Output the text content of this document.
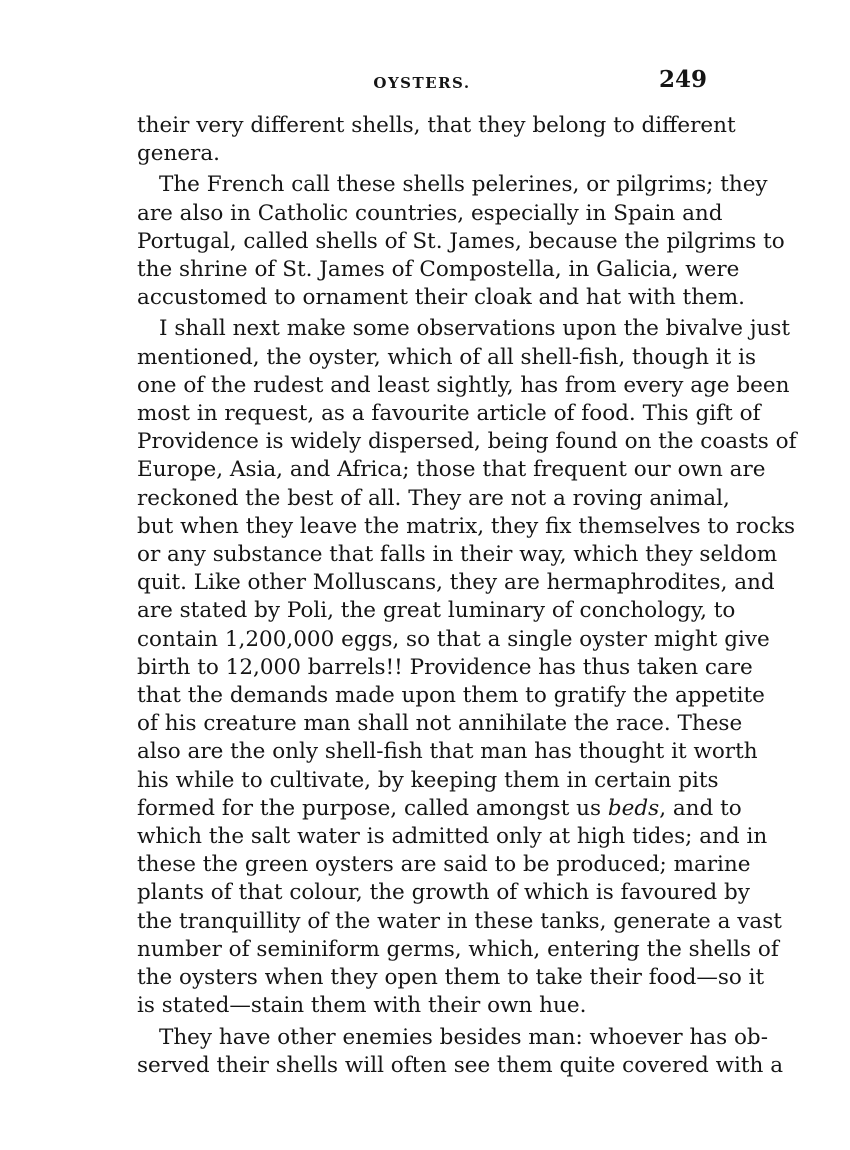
OYSTERS.	249

their very different shells, that they belong to different
genera.

The French call these shells pelerines, or pilgrims; they
are also in Catholic countries, especially in Spain and
Portugal, called shells of St. James, because the pilgrims to
the shrine of St. James of Compostella, in Galicia, were
accustomed to ornament their cloak and hat with them.

I shall next make some observations upon the bivalve just
mentioned, the oyster, which of all shell-fish, though it is
one of the rudest and least sightly, has from every age been
most in request, as a favourite article of food. This gift of
Providence is widely dispersed, being found on the coasts of
Europe, Asia, and Africa; those that frequent our own are
reckoned the best of all. They are not a roving animal,
but when they leave the matrix, they fix themselves to rocks
or any substance that falls in their way, which they seldom
quit. Like other Molluscans, they are hermaphrodites, and
are stated by Poli, the great luminary of conchology, to
contain 1,200,000 eggs, so that a single oyster might give
birth to 12,000 barrels!! Providence has thus taken care
that the demands made upon them to gratify the appetite
of his creature man shall not annihilate the race. These
also are the only shell-fish that man has thought it worth
his while to cultivate, by keeping them in certain pits
formed for the purpose, called amongst us beds, and to
which the salt water is admitted only at high tides; and in
these the green oysters are said to be produced; marine
plants of that colour, the growth of which is favoured by
the tranquillity of the water in these tanks, generate a vast
number of seminiform germs, which, entering the shells of
the oysters when they open them to take their food—so it
is stated—stain them with their own hue.

They have other enemies besides man: whoever has ob-
served their shells will often see them quite covered with a
